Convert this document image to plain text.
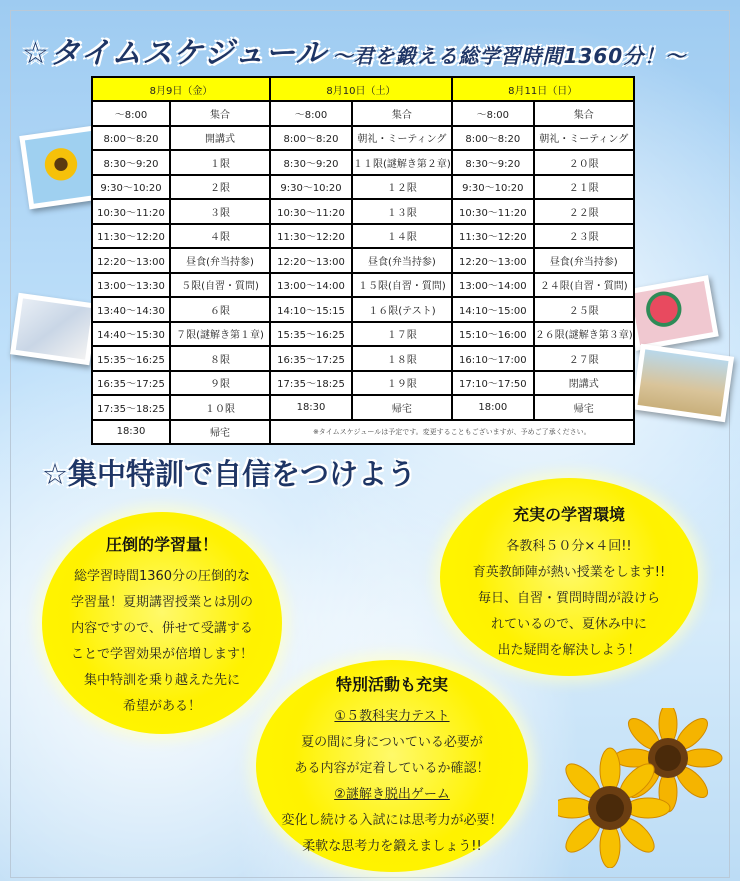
☆タイムスケジュール ～君を鍛える総学習時間1360分！～
8月9日（金）		8月10日（土）		8月11日（日）	
～8:00	集合	～8:00	集合	～8:00	集合
8:00～8:20	開講式	8:00～8:20	朝礼・ミーティング	8:00～8:20	朝礼・ミーティング
8:30～9:20	１限	8:30～9:20	１１限(謎解き第２章)	8:30～9:20	２０限
9:30～10:20	２限	9:30～10:20	１２限	9:30～10:20	２１限
10:30～11:20	３限	10:30～11:20	１３限	10:30～11:20	２２限
11:30～12:20	４限	11:30～12:20	１４限	11:30～12:20	２３限
12:20～13:00	昼食(弁当持参)	12:20～13:00	昼食(弁当持参)	12:20～13:00	昼食(弁当持参)
13:00～13:30	５限(自習・質問)	13:00～14:00	１５限(自習・質問)	13:00～14:00	２４限(自習・質問)
13:40～14:30	６限	14:10～15:15	１６限(テスト)	14:10～15:00	２５限
14:40～15:30	７限(謎解き第１章)	15:35～16:25	１７限	15:10～16:00	２６限(謎解き第３章)
15:35～16:25	８限	16:35～17:25	１８限	16:10～17:00	２７限
16:35～17:25	９限	17:35～18:25	１９限	17:10～17:50	閉講式
17:35～18:25	１０限	18:30	帰宅	18:00	帰宅
18:30	帰宅	※タイムスケジュールは予定です。変更することもございますが、予めご了承ください。			
☆集中特訓で自信をつけよう
圧倒的学習量！
総学習時間1360分の圧倒的な
学習量！夏期講習授業とは別の
内容ですので、併せて受講する
ことで学習効果が倍増します！
集中特訓を乗り越えた先に
希望がある！
充実の学習環境
各教科５０分×４回!!
育英教師陣が熱い授業をします!!
毎日、自習・質問時間が設けら
れているので、夏休み中に
出た疑問を解決しよう！
特別活動も充実
①５教科実力テスト
夏の間に身についている必要が
ある内容が定着しているか確認！
②謎解き脱出ゲーム
変化し続ける入試には思考力が必要！
柔軟な思考力を鍛えましょう!!
